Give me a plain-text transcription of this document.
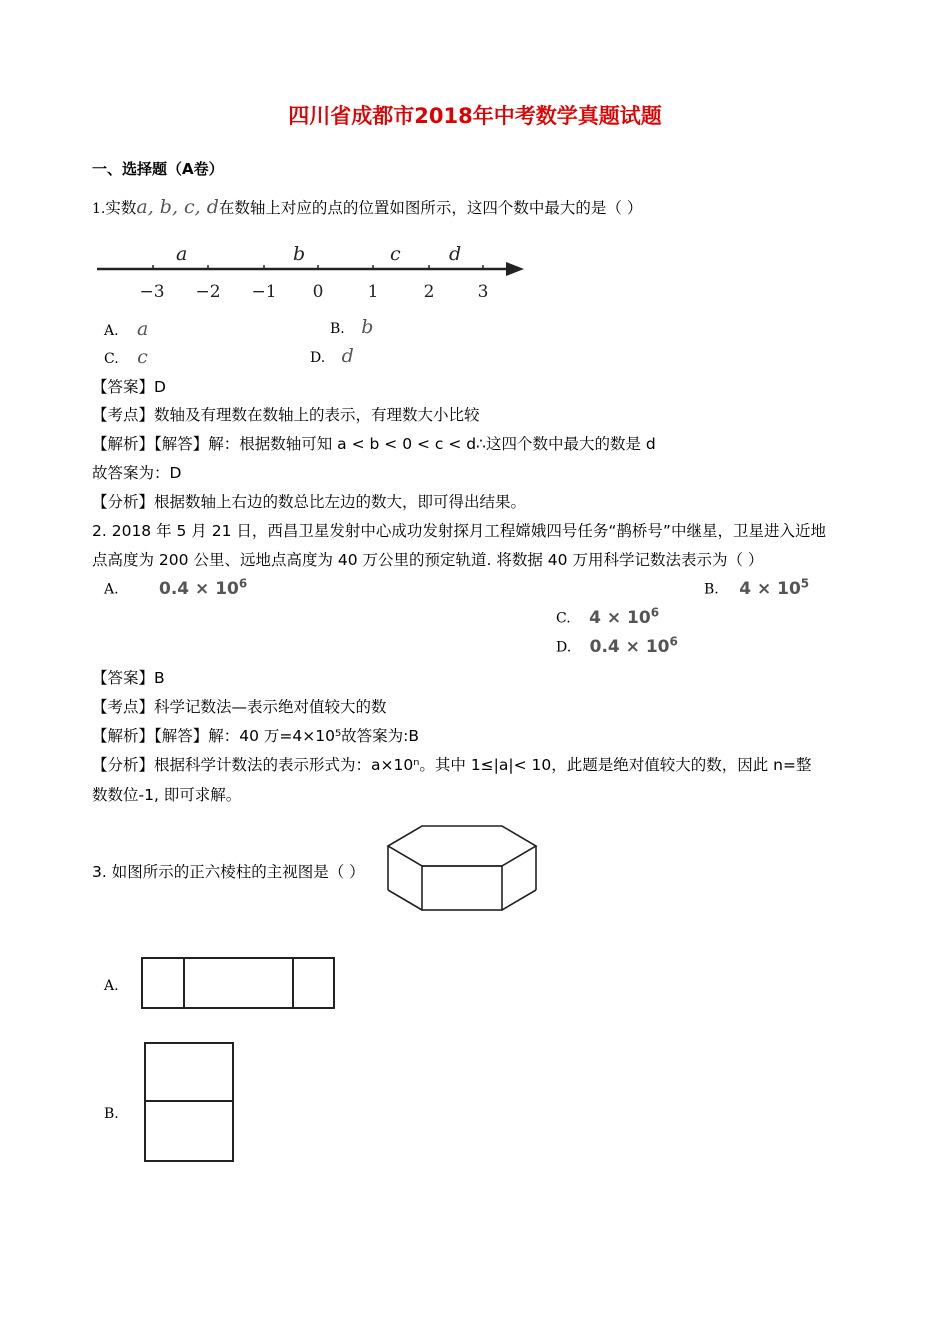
四川省成都市2018年中考数学真题试题
一、选择题（A卷）
1.实数a, b, c, d在数轴上对应的点的位置如图所示，这四个数中最大的是（ ）
a	b	c	d
−3 −2 −1 0	1	2	3
A. a	B. b
C. c	D. d
【答案】D
【考点】数轴及有理数在数轴上的表示，有理数大小比较
【解析】【解答】解：根据数轴可知 a < b < 0 < c < d∴这四个数中最大的数是 d
故答案为：D
【分析】根据数轴上右边的数总比左边的数大，即可得出结果。
2. 2018 年 5 月 21 日，西昌卫星发射中心成功发射探月工程嫦娥四号任务“鹊桥号”中继星，卫星进入近地
点高度为 200 公里、远地点高度为 40 万公里的预定轨道. 将数据 40 万用科学记数法表示为（ ）
A. $0.4 \times 10^6$	B. $4 \times 10^5$
C. $4 \times 10^6$
D. $0.4 \times 10^6$
【答案】B
【考点】科学记数法—表示绝对值较大的数
【解析】【解答】解：40 万=4×10⁵故答案为:B
【分析】根据科学计数法的表示形式为：a×10ⁿ。其中 1≤|a|< 10，此题是绝对值较大的数，因此 n=整
数数位-1, 即可求解。
3. 如图所示的正六棱柱的主视图是（ ）
A.
B.
